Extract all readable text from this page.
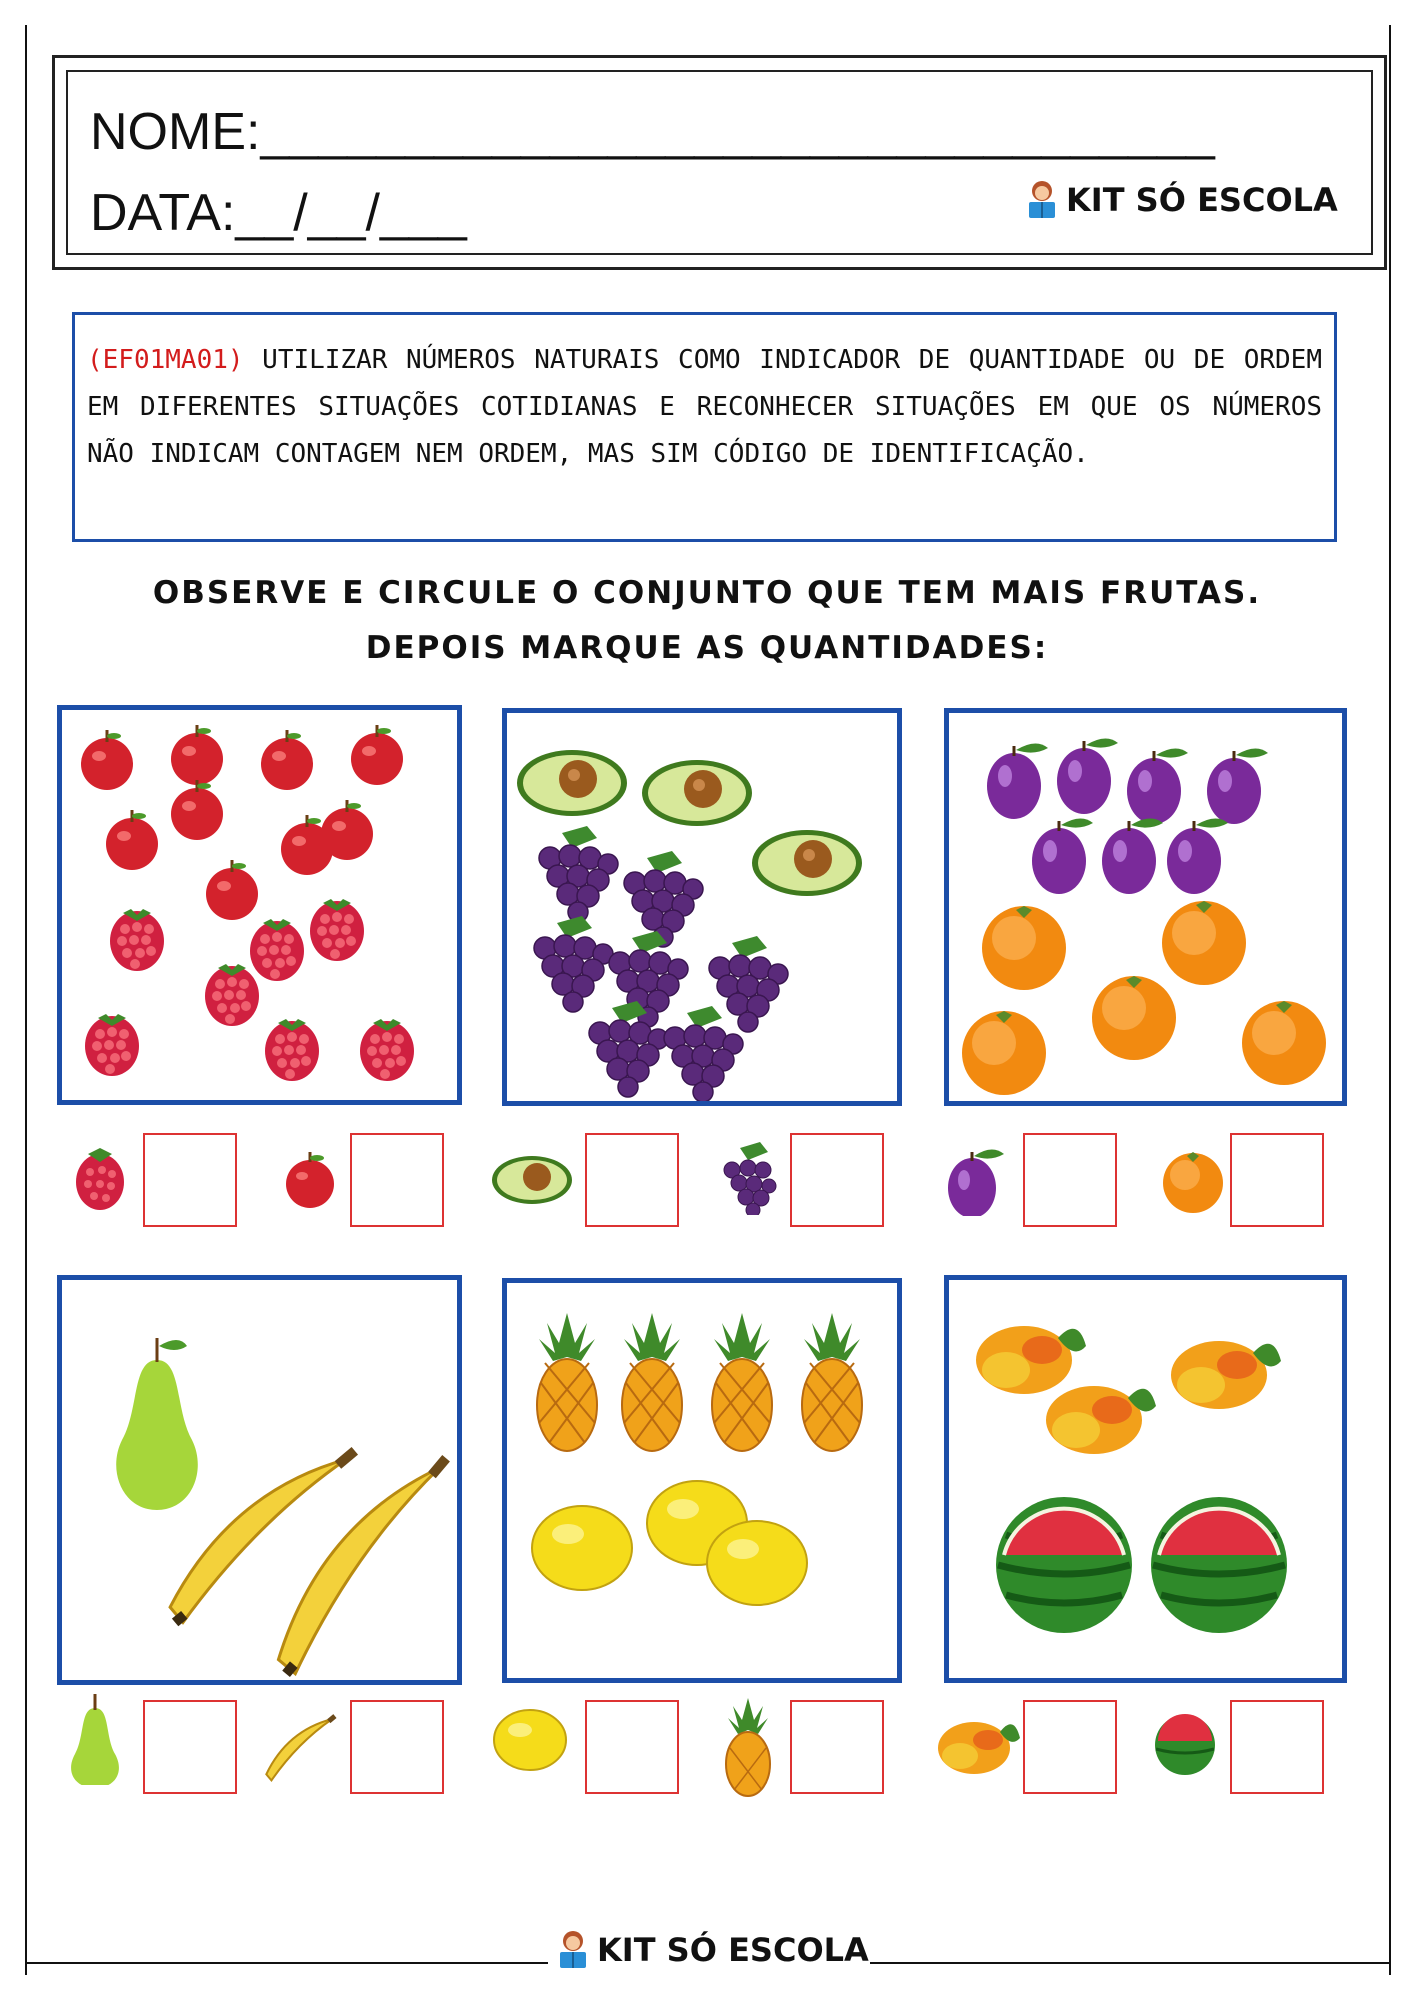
NOME:_________________________________
DATA:__/__/___	KIT SÓ ESCOLA
(EF01MA01) UTILIZAR NÚMEROS NATURAIS COMO INDICADOR DE QUANTIDADE OU DE ORDEM EM DIFERENTES SITUAÇÕES COTIDIANAS E RECONHECER SITUAÇÕES EM QUE OS NÚMEROS NÃO INDICAM CONTAGEM NEM ORDEM, MAS SIM CÓDIGO DE IDENTIFICAÇÃO.
OBSERVE E CIRCULE O CONJUNTO QUE TEM MAIS FRUTAS.
DEPOIS MARQUE AS QUANTIDADES:
KIT SÓ ESCOLA
